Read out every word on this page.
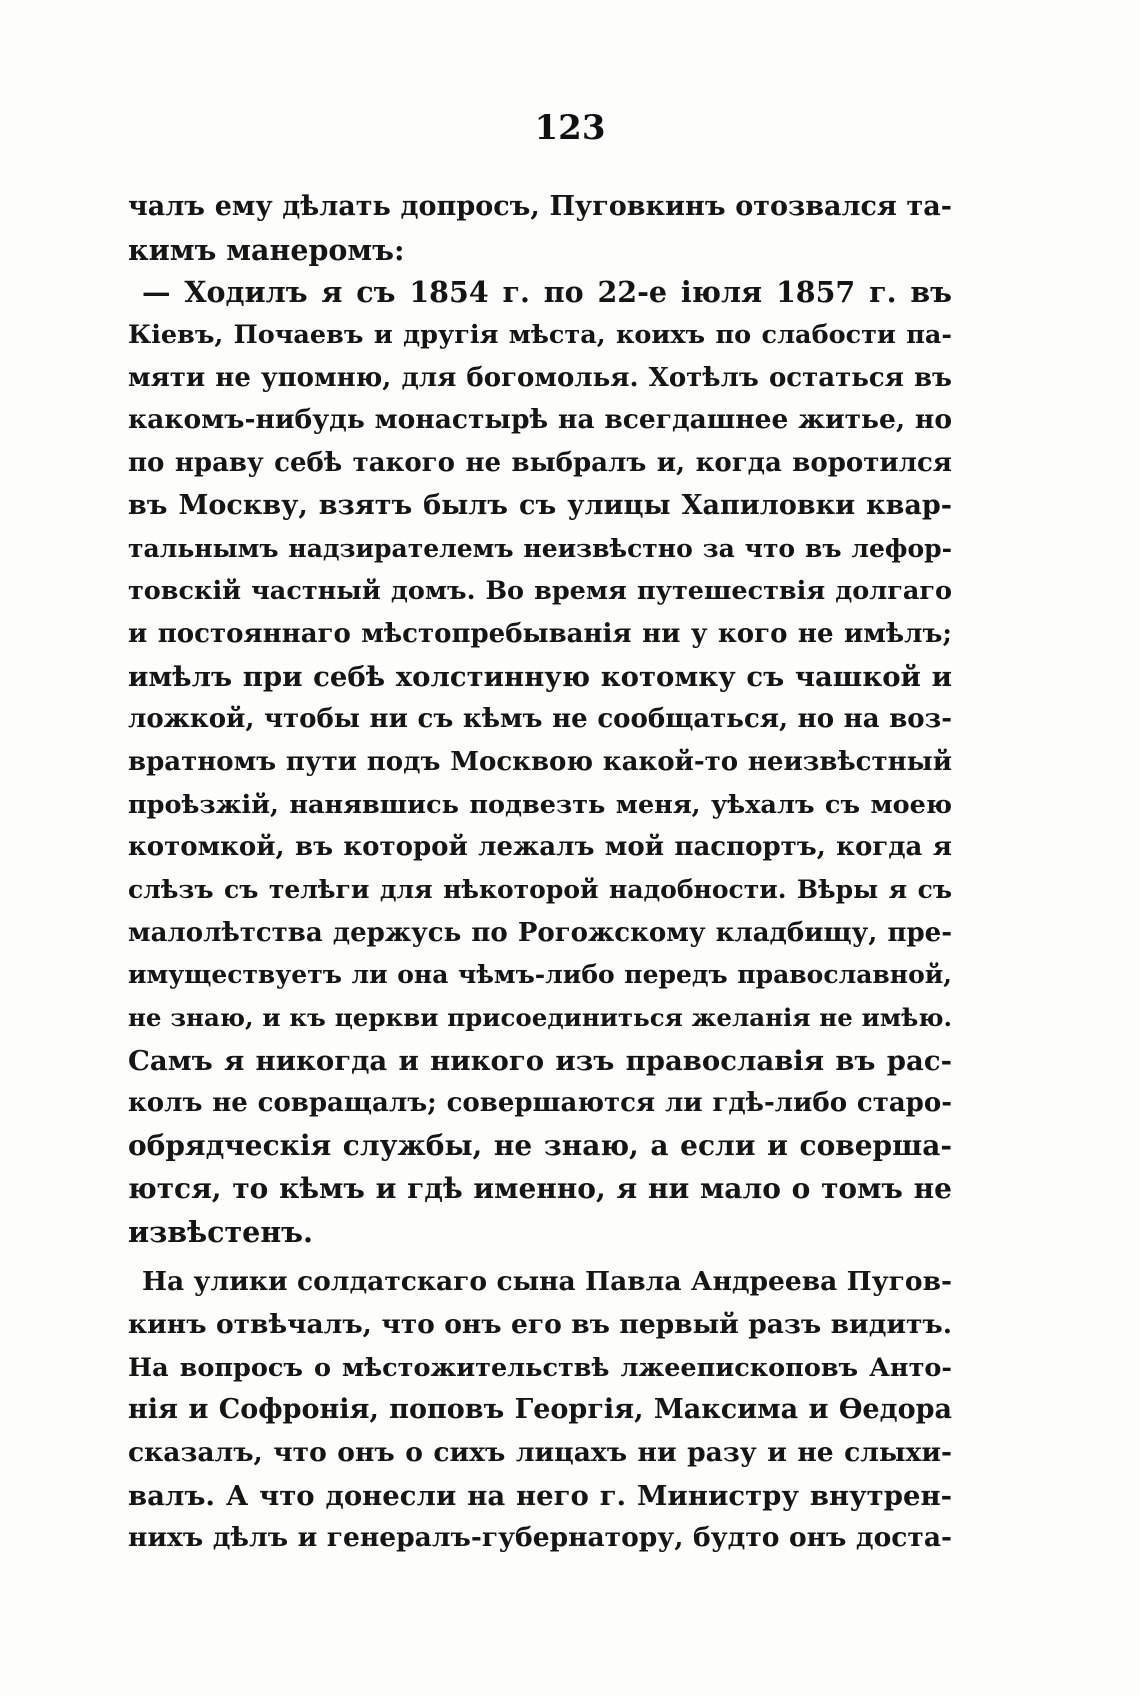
123
чалъ ему дѣлать допросъ, Пуговкинъ отозвался та-
кимъ манеромъ:
— Ходилъ я съ 1854 г. по 22-е іюля 1857 г. въ
Кіевъ, Почаевъ и другія мѣста, коихъ по слабости па-
мяти не упомню, для богомолья. Хотѣлъ остаться въ
какомъ-нибудь монастырѣ на всегдашнее житье, но
по нраву себѣ такого не выбралъ и, когда воротился
въ Москву, взятъ былъ съ улицы Хапиловки квар-
тальнымъ надзирателемъ неизвѣстно за что въ лефор-
товскій частный домъ. Во время путешествія долгаго
и постояннаго мѣстопребыванія ни у кого не имѣлъ;
имѣлъ при себѣ холстинную котомку съ чашкой и
ложкой, чтобы ни съ кѣмъ не сообщаться, но на воз-
вратномъ пути подъ Москвою какой-то неизвѣстный
проѣзжій, нанявшись подвезть меня, уѣхалъ съ моею
котомкой, въ которой лежалъ мой паспортъ, когда я
слѣзъ съ телѣги для нѣкоторой надобности. Вѣры я съ
малолѣтства держусь по Рогожскому кладбищу, пре-
имуществуетъ ли она чѣмъ-либо передъ православной,
не знаю, и къ церкви присоединиться желанія не имѣю.
Самъ я никогда и никого изъ православія въ рас-
колъ не совращалъ; совершаются ли гдѣ-либо старо-
обрядческія службы, не знаю, а если и соверша-
ются, то кѣмъ и гдѣ именно, я ни мало о томъ не
извѣстенъ.
На улики солдатскаго сына Павла Андреева Пугов-
кинъ отвѣчалъ, что онъ его въ первый разъ видитъ.
На вопросъ о мѣстожительствѣ лжеепископовъ Анто-
нія и Софронія, поповъ Георгія, Максима и Ѳедора
сказалъ, что онъ о сихъ лицахъ ни разу и не слыхи-
валъ. А что донесли на него г. Министру внутрен-
нихъ дѣлъ и генералъ-губернатору, будто онъ доста-
